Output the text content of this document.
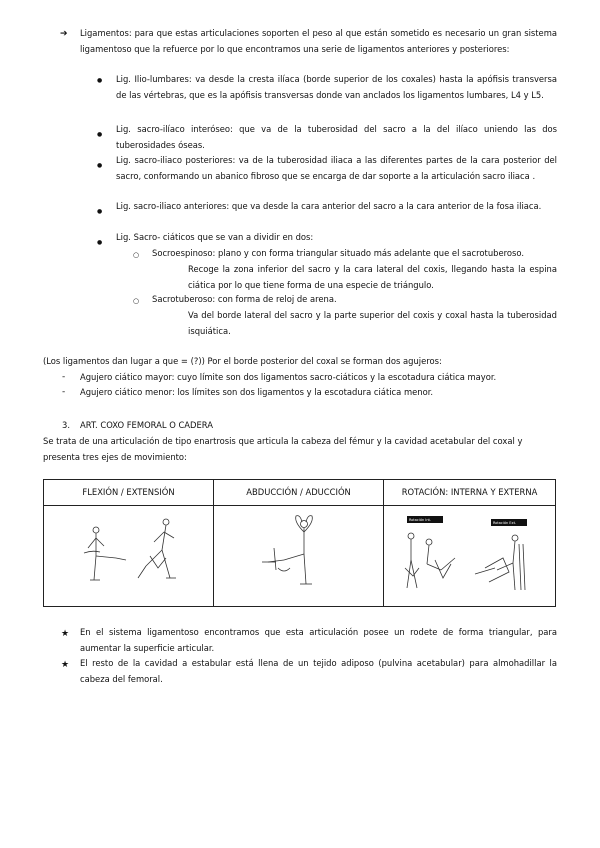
➔ Ligamentos: para que estas articulaciones soporten el peso al que están sometido es necesario un gran sistema ligamentoso que la refuerce por lo que encontramos una serie de ligamentos anteriores y posteriores:
● Lig. Ilio-lumbares: va desde la cresta ilíaca (borde superior de los coxales) hasta la apófisis transversa de las vértebras, que es la apófisis transversas donde van anclados los ligamentos lumbares, L4 y L5.
●
Lig. sacro-ilíaco interóseo: que va de la tuberosidad del sacro a la del ilíaco uniendo las dos tuberosidades óseas.
●
Lig. sacro-iliaco posteriores: va de la tuberosidad iliaca a las diferentes partes de la cara posterior del sacro, conformando un abanico fibroso que se encarga de dar soporte a la articulación sacro iliaca .
●
Lig. sacro-iliaco anteriores: que va desde la cara anterior del sacro a la cara anterior de la fosa iliaca.
●
Lig. Sacro- ciáticos que se van a dividir en dos:
○ Socroespinoso: plano y con forma triangular situado más adelante que el sacrotuberoso.
Recoge la zona inferior del sacro y la cara lateral del coxis, llegando hasta la espina ciática por lo que tiene forma de una especie de triángulo.
○ Sacrotuberoso: con forma de reloj de arena.
Va del borde lateral del sacro y la parte superior del coxis y coxal hasta la tuberosidad isquiática.
(Los ligamentos dan lugar a que = (?)) Por el borde posterior del coxal se forman dos agujeros:
- Agujero ciático mayor: cuyo límite son dos ligamentos sacro-ciáticos y la escotadura ciática mayor.
- Agujero ciático menor: los límites son dos ligamentos y la escotadura ciática menor.
3. ART. COXO FEMORAL O CADERA
Se trata de una articulación de tipo enartrosis que articula la cabeza del fémur y la cavidad acetabular del coxal y presenta tres ejes de movimiento:
FLEXIÓN / EXTENSIÓN	ABDUCCIÓN / ADUCCIÓN	ROTACIÓN: INTERNA Y EXTERNA

Rotación Int.
Rotación Ext.
★ En el sistema ligamentoso encontramos que esta articulación posee un rodete de forma triangular, para aumentar la superficie articular.
★ El resto de la cavidad a estabular está llena de un tejido adiposo (pulvina acetabular) para almohadillar la cabeza del femoral.
